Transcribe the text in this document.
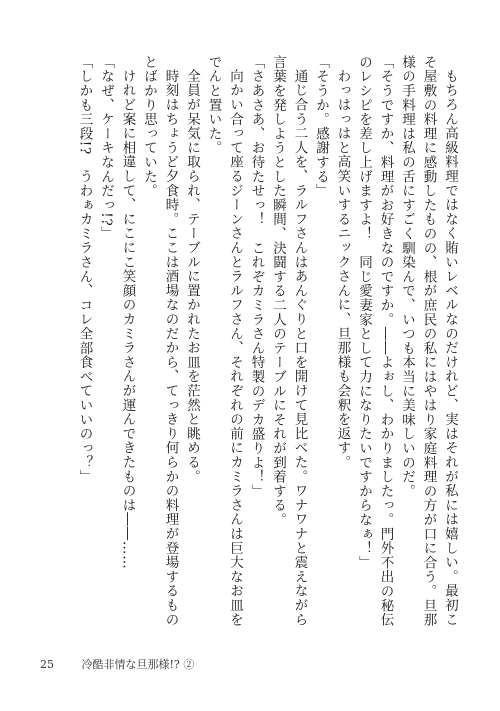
もちろん高級料理ではなく賄いレベルなのだけれど、実はそれが私には嬉しい。最初こそ屋敷の料理に感動したものの、根が庶民の私にはやはり家庭料理の方が口に合う。旦那様の手料理は私の舌にすごく馴染んで、いつも本当に美味しいのだ。

「そうですか、料理がお好きなのですか。――よぉし、わかりましたっ。門外不出の秘伝のレシピを差し上げますよ！　同じ愛妻家として力になりたいですからなぁ！」

わっはっはと高笑いするニックさんに、旦那様も会釈を返す。

「そうか。感謝する」

通じ合う二人を、ラルフさんはあんぐりと口を開けて見比べた。ワナワナと震えながら言葉を発しようとした瞬間、決闘する二人のテーブルにそれが到着する。

「さあさあ、お待たせっ！　これぞカミラさん特製のデカ盛りよ！」

向かい合って座るジーンさんとラルフさん、それぞれの前にカミラさんは巨大なお皿をでんと置いた。

全員が呆気に取られ、テーブルに置かれたお皿を茫然と眺める。

時刻はちょうど夕食時。ここは酒場なのだから、てっきり何らかの料理が登場するものとばかり思っていた。

けれど案に相違して、にこにこ笑顔のカミラさんが運んできたものは――……

「なぜ、ケーキなんだっ!?」

「しかも三段!?　うわぁカミラさん、コレ全部食べていいのっ？」

25	冷酷非情な旦那様!? ②
